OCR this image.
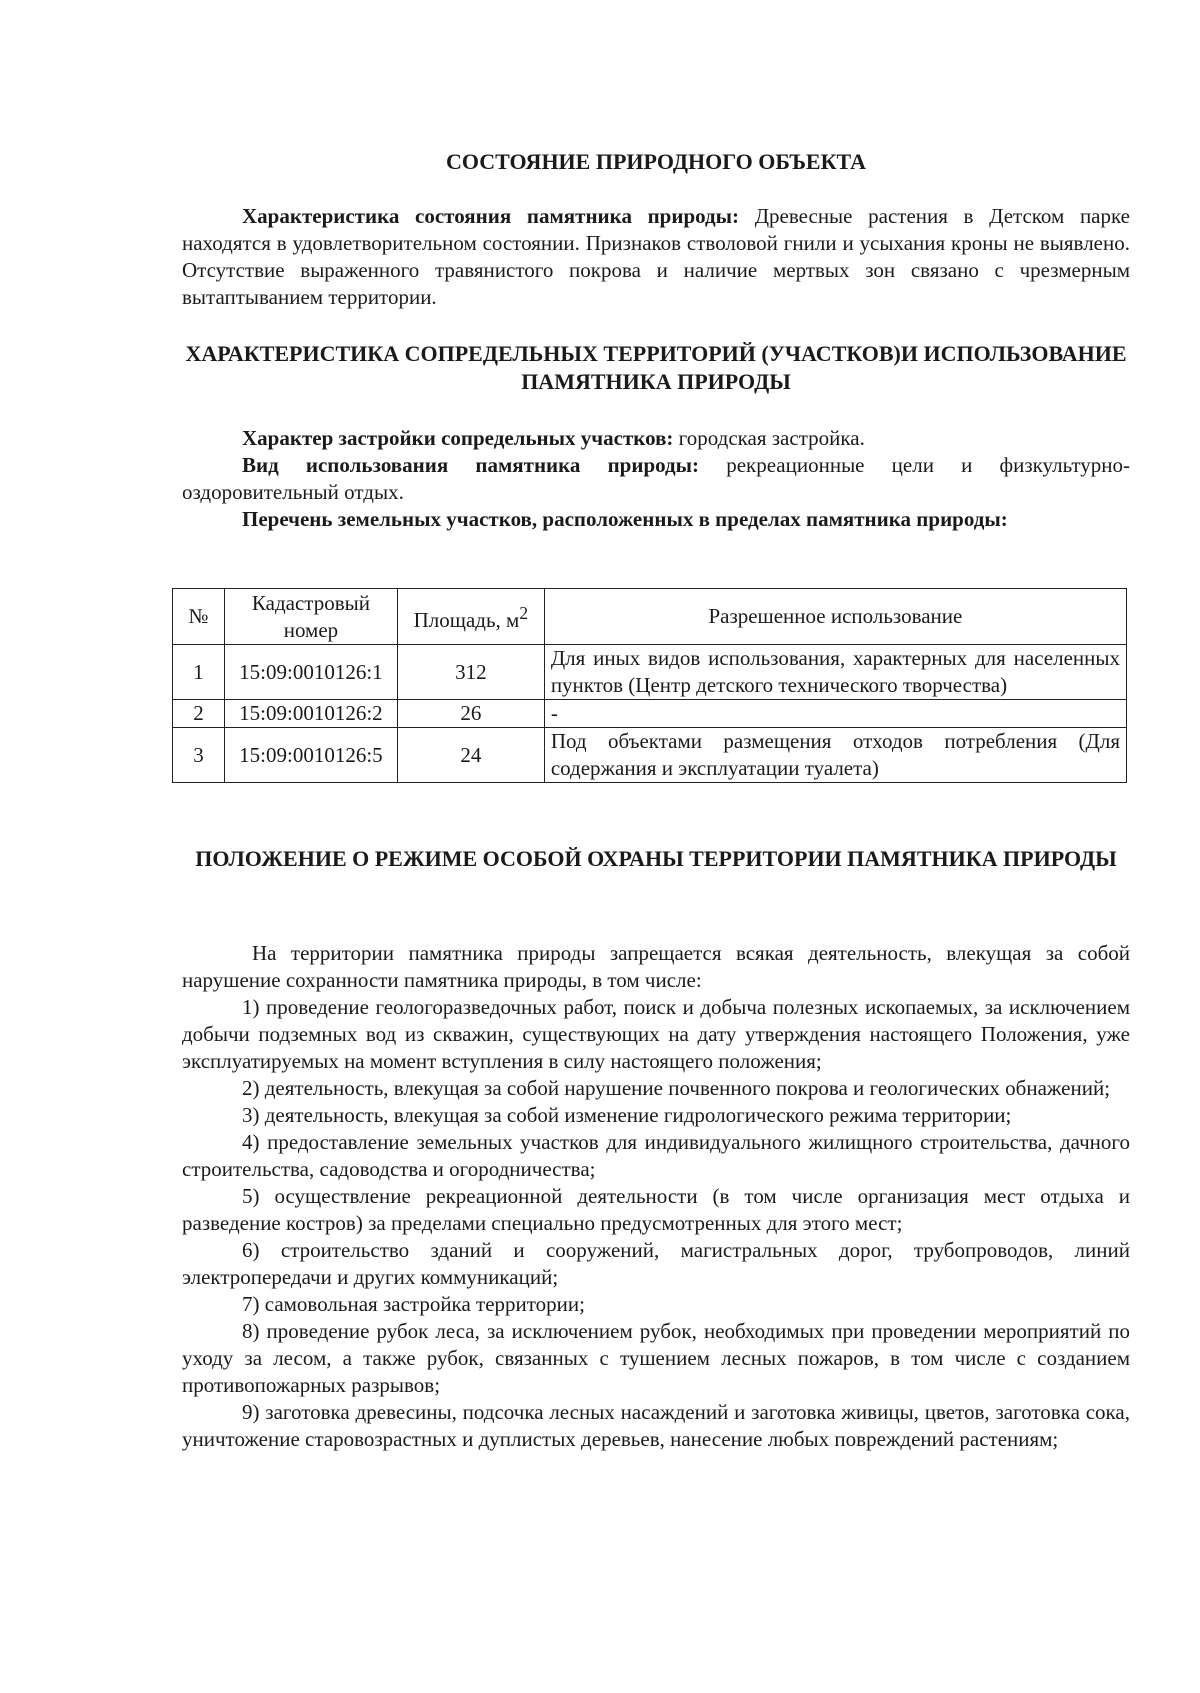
СОСТОЯНИЕ ПРИРОДНОГО ОБЪЕКТА

Характеристика состояния памятника природы: Древесные растения в Детском парке находятся в удовлетворительном состоянии. Признаков стволовой гнили и усыхания кроны не выявлено. Отсутствие выраженного травянистого покрова и наличие мертвых зон связано с чрезмерным вытаптыванием территории.

ХАРАКТЕРИСТИКА СОПРЕДЕЛЬНЫХ ТЕРРИТОРИЙ (УЧАСТКОВ)И ИСПОЛЬЗОВАНИЕ ПАМЯТНИКА ПРИРОДЫ

Характер застройки сопредельных участков: городская застройка.

Вид использования памятника природы: рекреационные цели и физкультурно-оздоровительный отдых.

Перечень земельных участков, расположенных в пределах памятника природы:

№	Кадастровый номер	Площадь, $м^2$	Разрешенное использование
1	15:09:0010126:1	312	Для иных видов использования, характерных для населенных пунктов (Центр детского технического творчества)
2	15:09:0010126:2	26	-
3	15:09:0010126:5	24	Под объектами размещения отходов потребления (Для содержания и эксплуатации туалета)
ПОЛОЖЕНИЕ О РЕЖИМЕ ОСОБОЙ ОХРАНЫ ТЕРРИТОРИИ ПАМЯТНИКА ПРИРОДЫ

На территории памятника природы запрещается всякая деятельность, влекущая за собой нарушение сохранности памятника природы, в том числе:

1) проведение геологоразведочных работ, поиск и добыча полезных ископаемых, за исключением добычи подземных вод из скважин, существующих на дату утверждения настоящего Положения, уже эксплуатируемых на момент вступления в силу настоящего положения;

2) деятельность, влекущая за собой нарушение почвенного покрова и геологических обнажений;

3) деятельность, влекущая за собой изменение гидрологического режима территории;

4) предоставление земельных участков для индивидуального жилищного строительства, дачного строительства, садоводства и огородничества;

5) осуществление рекреационной деятельности (в том числе организация мест отдыха и разведение костров) за пределами специально предусмотренных для этого мест;

6) строительство зданий и сооружений, магистральных дорог, трубопроводов, линий электропередачи и других коммуникаций;

7) самовольная застройка территории;

8) проведение рубок леса, за исключением рубок, необходимых при проведении мероприятий по уходу за лесом, а также рубок, связанных с тушением лесных пожаров, в том числе с созданием противопожарных разрывов;

9) заготовка древесины, подсочка лесных насаждений и заготовка живицы, цветов, заготовка сока, уничтожение старовозрастных и дуплистых деревьев, нанесение любых повреждений растениям;
